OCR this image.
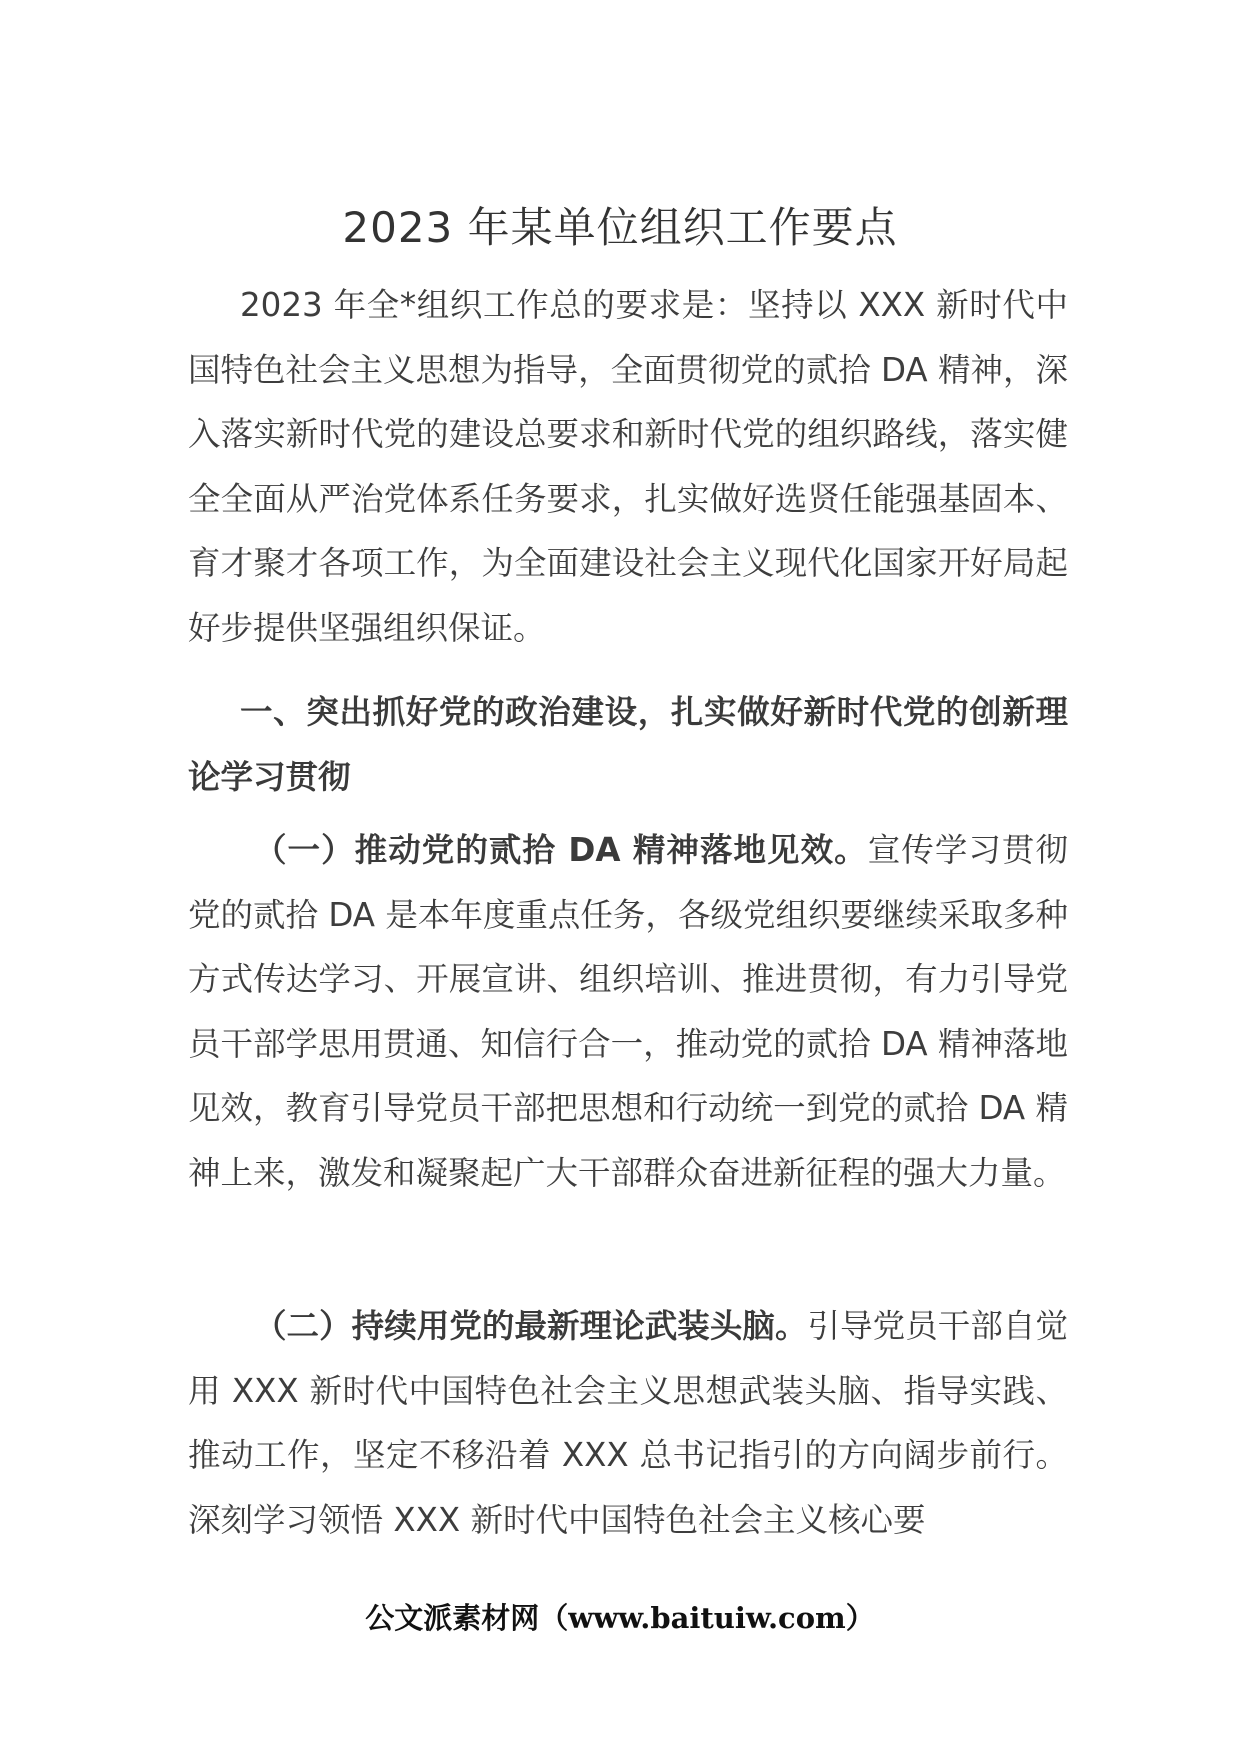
2023 年某单位组织工作要点
2023 年全*组织工作总的要求是：坚持以 XXX 新时代中国特色社会主义思想为指导，全面贯彻党的贰拾 DA 精神，深入落实新时代党的建设总要求和新时代党的组织路线，落实健全全面从严治党体系任务要求，扎实做好选贤任能强基固本、育才聚才各项工作，为全面建设社会主义现代化国家开好局起好步提供坚强组织保证。
一、突出抓好党的政治建设，扎实做好新时代党的创新理论学习贯彻
（一）推动党的贰拾 DA 精神落地见效。宣传学习贯彻党的贰拾 DA 是本年度重点任务，各级党组织要继续采取多种方式传达学习、开展宣讲、组织培训、推进贯彻，有力引导党员干部学思用贯通、知信行合一，推动党的贰拾 DA 精神落地见效，教育引导党员干部把思想和行动统一到党的贰拾 DA 精神上来，激发和凝聚起广大干部群众奋进新征程的强大力量。
（二）持续用党的最新理论武装头脑。引导党员干部自觉用 XXX 新时代中国特色社会主义思想武装头脑、指导实践、推动工作，坚定不移沿着 XXX 总书记指引的方向阔步前行。深刻学习领悟 XXX 新时代中国特色社会主义核心要
公文派素材网（www.baituiw.com）
